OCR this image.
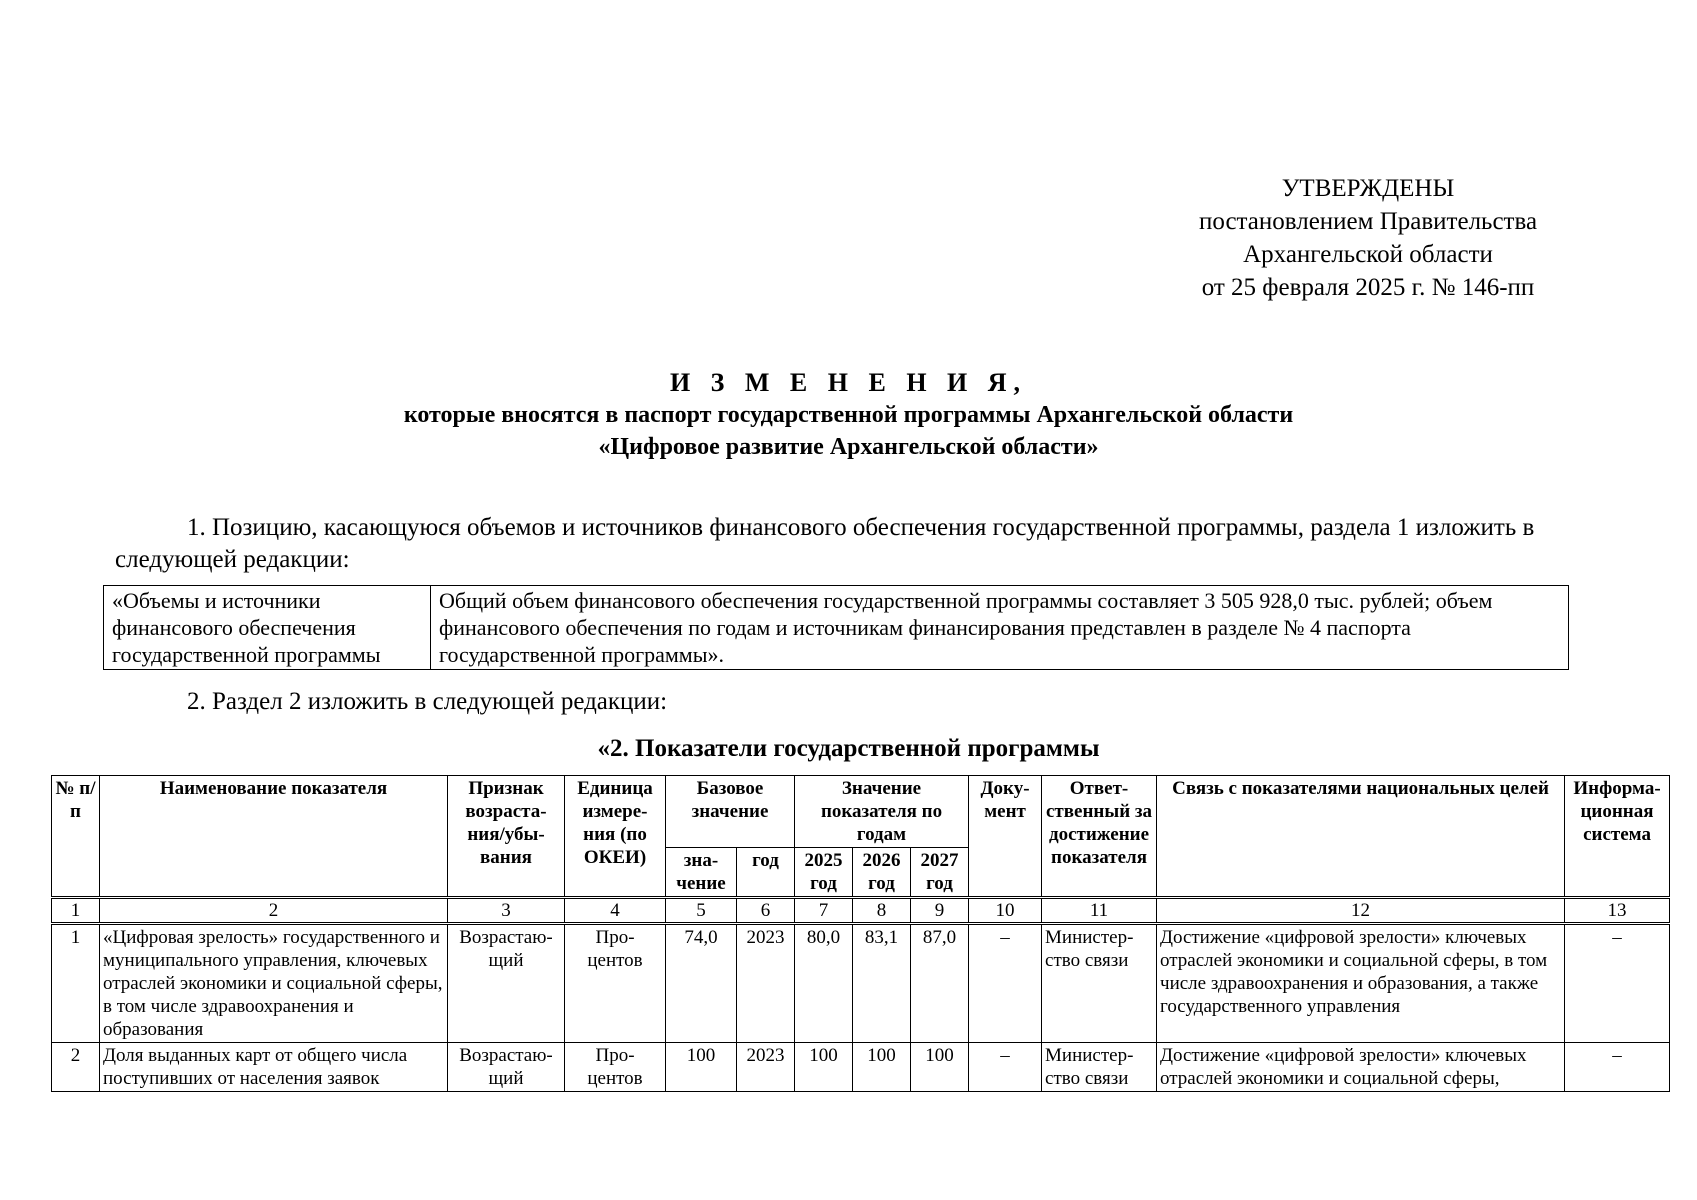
УТВЕРЖДЕНЫ
постановлением Правительства
Архангельской области
от 25 февраля 2025 г. № 146-пп
И З М Е Н Е Н И Я,
которые вносятся в паспорт государственной программы Архангельской области
«Цифровое развитие Архангельской области»
1. Позицию, касающуюся объемов и источников финансового обеспечения государственной программы, раздела 1 изложить в следующей редакции:
«Объемы и источники финансового обеспечения государственной программы	Общий объем финансового обеспечения государственной программы составляет 3 505 928,0 тыс. рублей; объем финансового обеспечения по годам и источникам финансирования представлен в разделе № 4 паспорта государственной программы».
2. Раздел 2 изложить в следующей редакции:
«2. Показатели государственной программы
№ п/п	Наименование показателя	Признак возраста-ния/убы-вания	Единица измере-ния (по ОКЕИ)	Базовое значение		Значение показателя по годам			Доку-мент	Ответ-ственный за достижение показателя	Связь с показателями национальных целей	Информа-ционная система
				зна-чение	год	2025 год	2026 год	2027 год				
1	2	3	4	5	6	7	8	9	10	11	12	13
1	«Цифровая зрелость» государственного и муниципального управления, ключевых отраслей экономики и социальной сферы, в том числе здравоохранения и образования	Возрастаю-щий	Про-центов	74,0	2023	80,0	83,1	87,0	–	Министер-ство связи	Достижение «цифровой зрелости» ключевых отраслей экономики и социальной сферы, в том числе здравоохранения и образования, а также государственного управления	–
2	Доля выданных карт от общего числа поступивших от населения заявок	Возрастаю-щий	Про-центов	100	2023	100	100	100	–	Министер-ство связи	Достижение «цифровой зрелости» ключевых отраслей экономики и социальной сферы,	–
